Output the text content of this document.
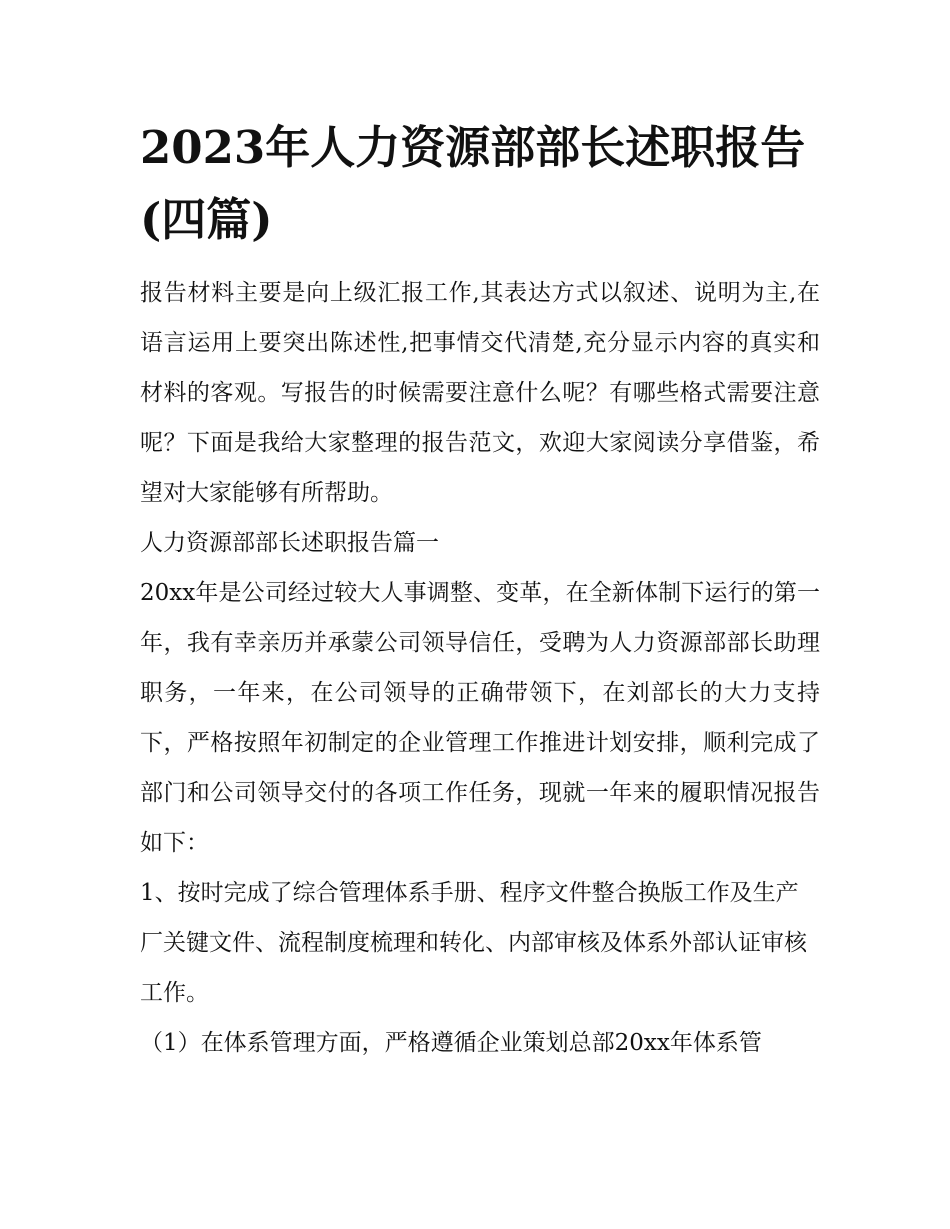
2023年人力资源部部长述职报告(四篇)

报告材料主要是向上级汇报工作,其表达方式以叙述、说明为主,在语言运用上要突出陈述性,把事情交代清楚,充分显示内容的真实和材料的客观。写报告的时候需要注意什么呢？有哪些格式需要注意呢？下面是我给大家整理的报告范文，欢迎大家阅读分享借鉴，希望对大家能够有所帮助。

人力资源部部长述职报告篇一

20xx年是公司经过较大人事调整、变革，在全新体制下运行的第一年，我有幸亲历并承蒙公司领导信任，受聘为人力资源部部长助理职务，一年来，在公司领导的正确带领下，在刘部长的大力支持下，严格按照年初制定的企业管理工作推进计划安排，顺利完成了部门和公司领导交付的各项工作任务，现就一年来的履职情况报告如下：

1、按时完成了综合管理体系手册、程序文件整合换版工作及生产厂关键文件、流程制度梳理和转化、内部审核及体系外部认证审核工作。

（1）在体系管理方面，严格遵循企业策划总部20xx年体系管
